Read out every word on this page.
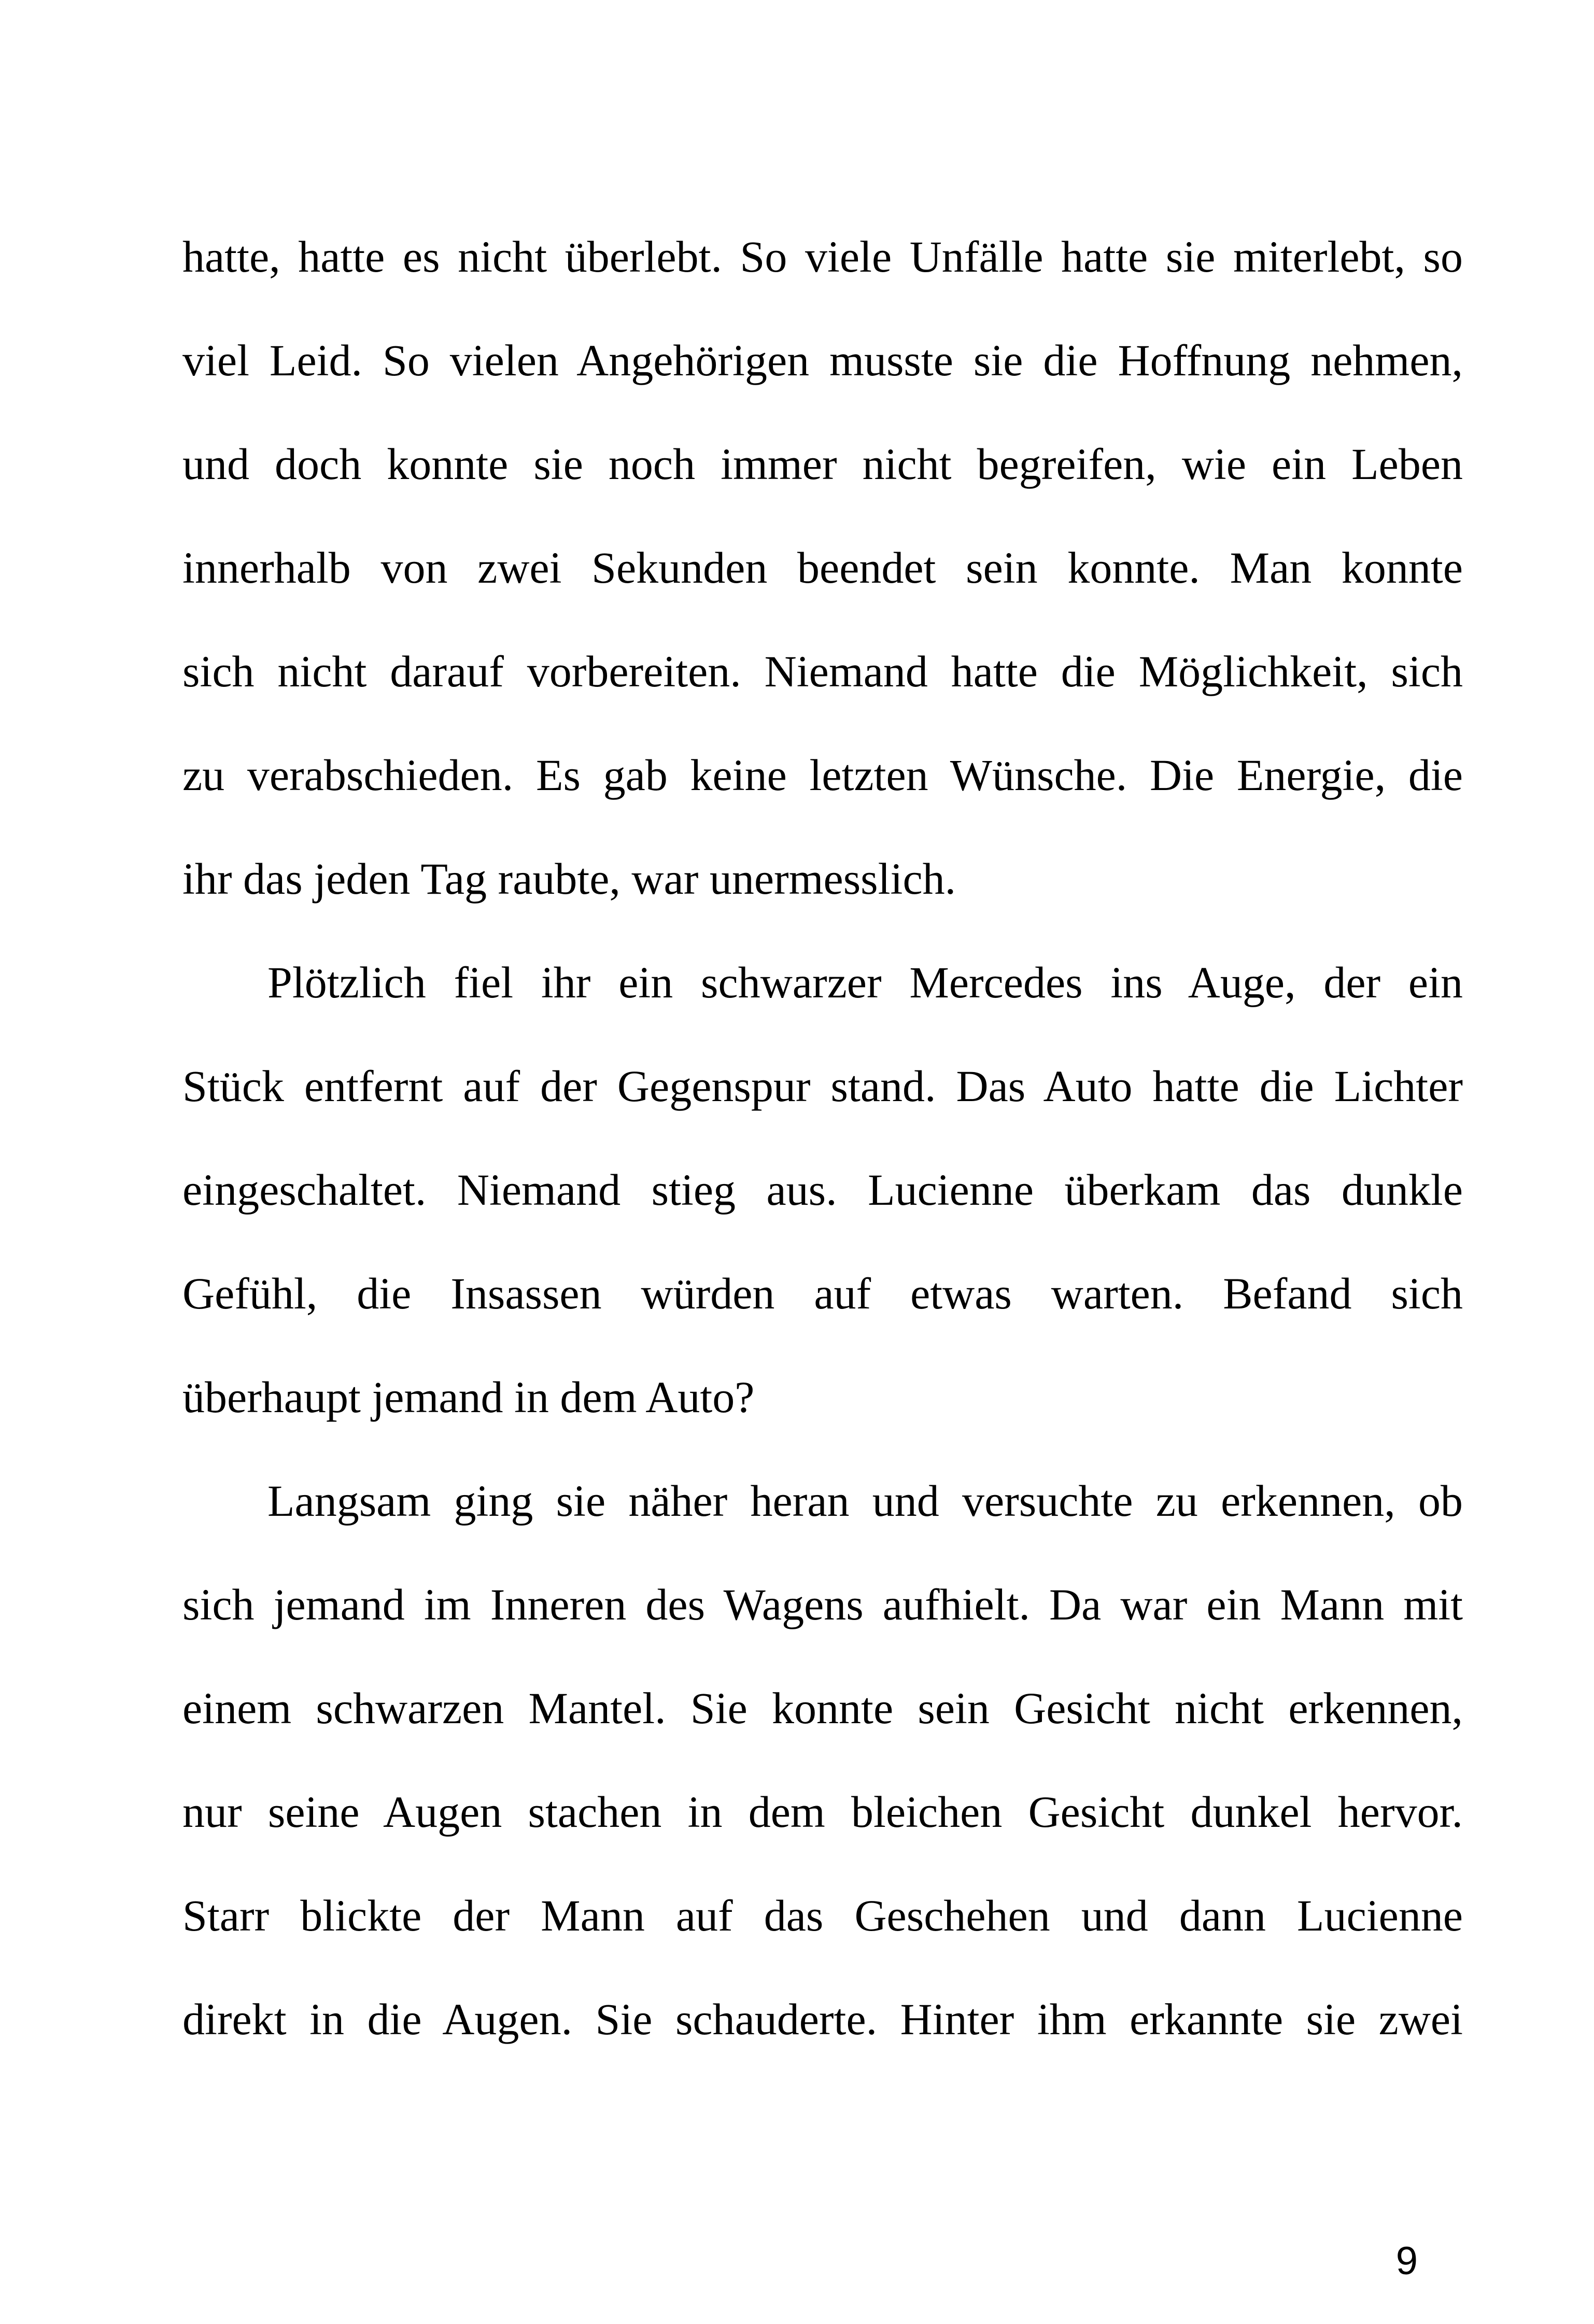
hatte, hatte es nicht überlebt. So viele Unfälle hatte sie miterlebt, so
viel Leid. So vielen Angehörigen musste sie die Hoffnung nehmen,
und doch konnte sie noch immer nicht begreifen, wie ein Leben
innerhalb von zwei Sekunden beendet sein konnte. Man konnte
sich nicht darauf vorbereiten. Niemand hatte die Möglichkeit, sich
zu verabschieden. Es gab keine letzten Wünsche. Die Energie, die
ihr das jeden Tag raubte, war unermesslich.
Plötzlich fiel ihr ein schwarzer Mercedes ins Auge, der ein
Stück entfernt auf der Gegenspur stand. Das Auto hatte die Lichter
eingeschaltet. Niemand stieg aus. Lucienne überkam das dunkle
Gefühl, die Insassen würden auf etwas warten. Befand sich
überhaupt jemand in dem Auto?
Langsam ging sie näher heran und versuchte zu erkennen, ob
sich jemand im Inneren des Wagens aufhielt. Da war ein Mann mit
einem schwarzen Mantel. Sie konnte sein Gesicht nicht erkennen,
nur seine Augen stachen in dem bleichen Gesicht dunkel hervor.
Starr blickte der Mann auf das Geschehen und dann Lucienne
direkt in die Augen. Sie schauderte. Hinter ihm erkannte sie zwei
9
